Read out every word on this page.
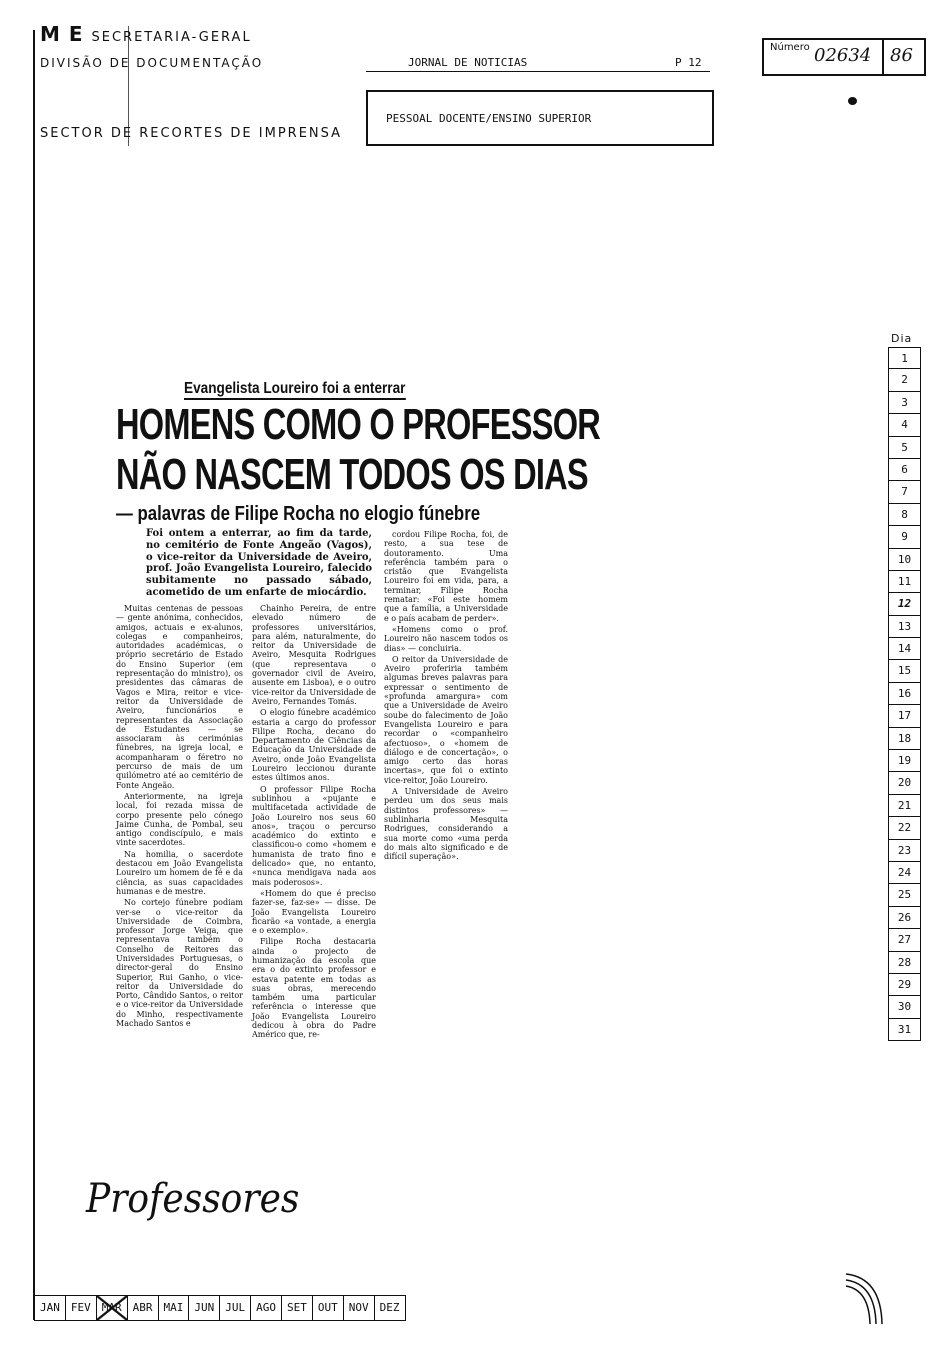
M E SECRETARIA-GERAL
DIVISÃO DE DOCUMENTAÇÃO
SECTOR DE RECORTES DE IMPRENSA
JORNAL DE NOTICIAS	P 12
Número 02634 86
PESSOAL DOCENTE/ENSINO SUPERIOR
Dia
1
2
3
4
5
6
7
8
9
10
11
12
13
14
15
16
17
18
19
20
21
22
23
24
25
26
27
28
29
30
31
Evangelista Loureiro foi a enterrar
HOMENS COMO O PROFESSOR
NÃO NASCEM TODOS OS DIAS
— palavras de Filipe Rocha no elogio fúnebre
Foi ontem a enterrar, ao fim da tarde, no cemitério de Fonte Angeão (Vagos), o vice-reitor da Universidade de Aveiro, prof. João Evangelista Loureiro, falecido subitamente no passado sábado, acometido de um enfarte de miocárdio.

Muitas centenas de pessoas — gente anónima, conhecidos, amigos, actuais e ex-alunos, colegas e companheiros, autoridades académicas, o próprio secretário de Estado do Ensino Superior (em representação do ministro), os presidentes das câmaras de Vagos e Mira, reitor e vice-reitor da Universidade de Aveiro, funcionários e representantes da Associação de Estudantes — se associaram às cerimónias fúnebres, na igreja local, e acompanharam o féretro no percurso de mais de um quilómetro até ao cemitério de Fonte Angeão.

Anteriormente, na igreja local, foi rezada missa de corpo presente pelo cónego Jaime Cunha, de Pombal, seu antigo condiscípulo, e mais vinte sacerdotes.

Na homilia, o sacerdote destacou em João Evangelista Loureiro um homem de fé e da ciência, as suas capacidades humanas e de mestre.

No cortejo fúnebre podiam ver-se o vice-reitor da Universidade de Coimbra, professor Jorge Veiga, que representava também o Conselho de Reitores das Universidades Portuguesas, o director-geral do Ensino Superior, Rui Ganho, o vice-reitor da Universidade do Porto, Cândido Santos, o reitor e o vice-reitor da Universidade do Minho, respectivamente Machado Santos e

Chainho Pereira, de entre elevado número de professores universitários, para além, naturalmente, do reitor da Universidade de Aveiro, Mesquita Rodrigues (que representava o governador civil de Aveiro, ausente em Lisboa), e o outro vice-reitor da Universidade de Aveiro, Fernandes Tomás.

O elogio fúnebre académico estaria a cargo do professor Filipe Rocha, decano do Departamento de Ciências da Educação da Universidade de Aveiro, onde João Evangelista Loureiro leccionou durante estes últimos anos.

O professor Filipe Rocha sublinhou a «pujante e multifacetada actividade de João Loureiro nos seus 60 anos», traçou o percurso académico do extinto e classificou-o como «homem e humanista de trato fino e delicado» que, no entanto, «nunca mendigava nada aos mais poderosos».

«Homem do que é preciso fazer-se, faz-se» — disse. De João Evangelista Loureiro ficarão «a vontade, a energia e o exemplo».

Filipe Rocha destacaria ainda o projecto de humanização da escola que era o do extinto professor e estava patente em todas as suas obras, merecendo também uma particular referência o interesse que João Evangelista Loureiro dedicou à obra do Padre Américo que, re-

cordou Filipe Rocha, foi, de resto, a sua tese de doutoramento. Uma referência também para o cristão que Evangelista Loureiro foi em vida, para, a terminar, Filipe Rocha rematar: «Foi este homem que a família, a Universidade e o país acabam de perder».

«Homens como o prof. Loureiro não nascem todos os dias» — concluiria.

O reitor da Universidade de Aveiro proferiria também algumas breves palavras para expressar o sentimento de «profunda amargura» com que a Universidade de Aveiro soube do falecimento de João Evangelista Loureiro e para recordar o «companheiro afectuoso», o «homem de diálogo e de concertação», o amigo certo das horas incertas», que foi o extinto vice-reitor, João Loureiro.

A Universidade de Aveiro perdeu um dos seus mais distintos professores» — sublinharia Mesquita Rodrigues, considerando a sua morte como «uma perda do mais alto significado e de difícil superação».

Professores
JAN	FEV	MAR	ABR	MAI	JUN	JUL	AGO	SET	OUT	NOV	DEZ
